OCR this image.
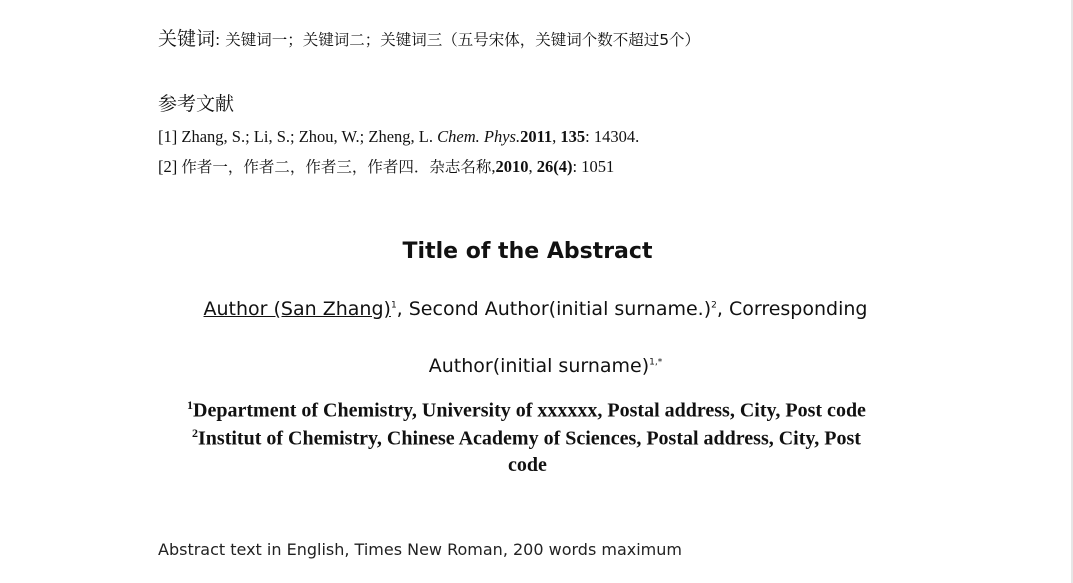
关键词: 关键词一；关键词二；关键词三（五号宋体，关键词个数不超过5个）
参考文献
[1] Zhang, S.; Li, S.; Zhou, W.; Zheng, L. Chem. Phys.2011, 135: 14304.
[2] 作者一，作者二，作者三，作者四．杂志名称,2010, 26(4): 1051
Title of the Abstract
Author (San Zhang)$^1$, Second Author(initial surname.)$^2$, Corresponding
Author(initial surname)$^{1,*}$
$^1$Department of Chemistry, University of xxxxxx, Postal address, City, Post code
$^2$Institut of Chemistry, Chinese Academy of Sciences, Postal address, City, Post
code
Abstract text in English, Times New Roman, 200 words maximum
